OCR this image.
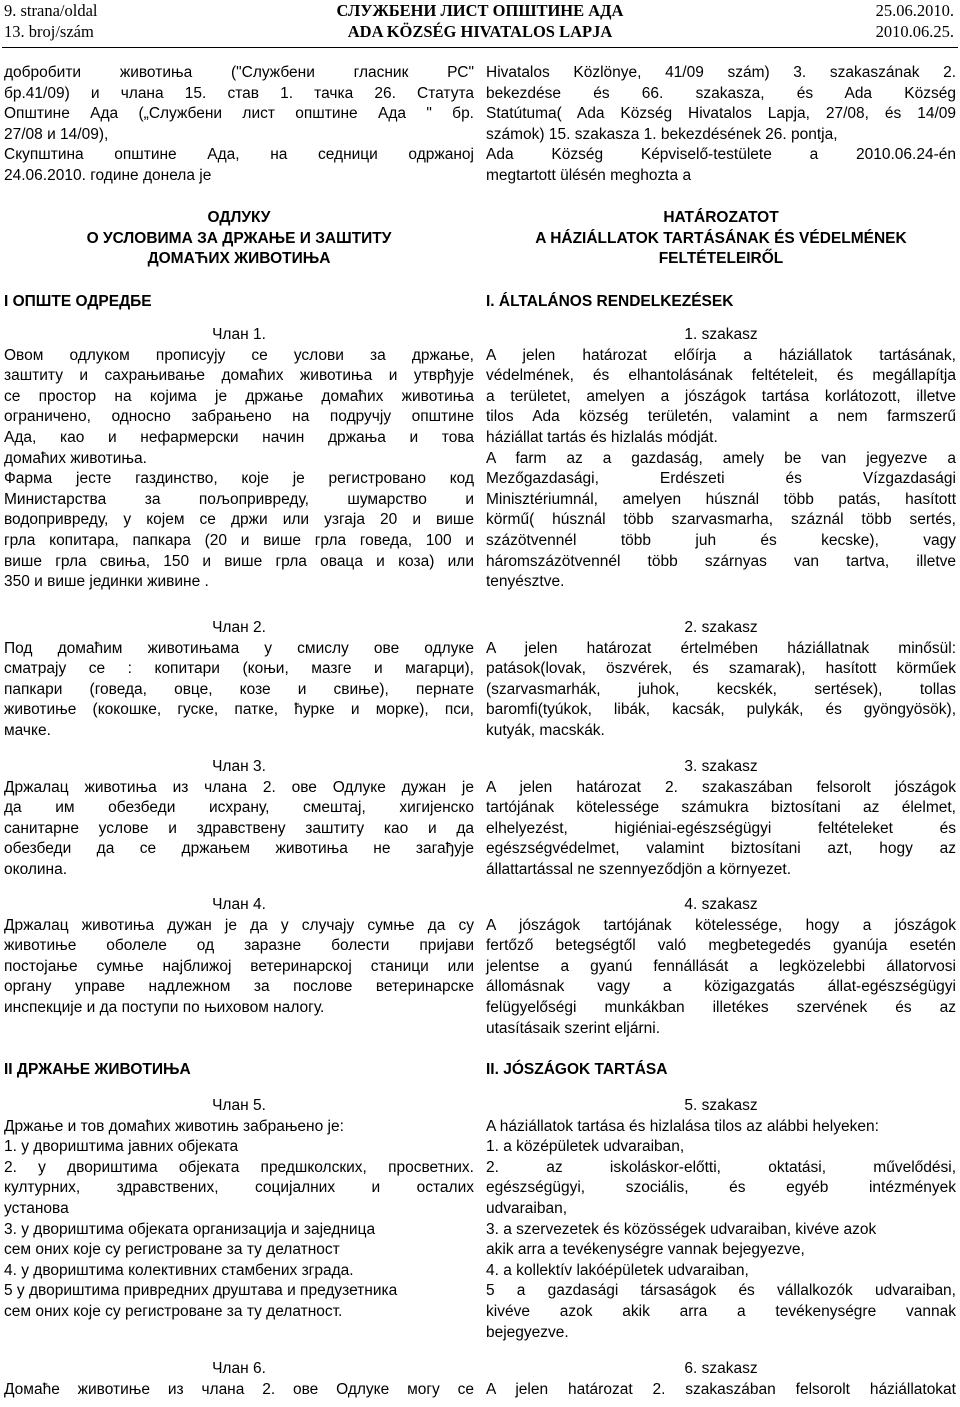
9. strana/oldal
13. broj/szám
СЛУЖБЕНИ ЛИСТ ОПШТИНЕ АДА
ADA KÖZSÉG HIVATALOS LAPJA
25.06.2010.
2010.06.25.
добробити животиња ("Службени гласник РС"
бр.41/09) и члана 15. став 1. тачка 26. Статута
Општине Ада („Службени лист општине Ада " бр.
27/08 и 14/09),
Скупштина општине Ада, на седници одржаној
24.06.2010. године донела је
ОДЛУКУ
О УСЛОВИМА ЗА ДРЖАЊЕ И ЗАШТИТУ
ДОМАЋИХ ЖИВОТИЊА
I ОПШТЕ ОДРЕДБЕ
Члан 1.
Овом одлуком прописују се услови за држање,
заштиту и сахрањивање домаћих животиња и утврђује
се простор на којима је држање домаћих животиња
ограничено, односно забрањено на подручју општине
Ада, као и нефармерски начин држања и това
домаћих животиња.
Фарма јесте газдинство, које је регистровано код
Министарства за пољопривреду, шумарство и
водопривреду, у којем се држи или узгаја 20 и више
грла копитара, папкара (20 и више грла говеда, 100 и
више грла свиња, 150 и више грла оваца и коза) или
350 и више јединки живине .
Члан 2.
Под домаћим животињама у смислу ове одлуке
сматрају се : копитари (коњи, мазге и магарци),
папкари (говеда, овце, козе и свиње), пернате
животиње (кокошке, гуске, патке, ћурке и морке), пси,
мачке.
Члан 3.
Држалац животиња из члана 2. ове Одлуке дужан је
да им обезбеди исхрану, смештај, хигијенско
санитарне услове и здравствену заштиту као и да
обезбеди да се држањем животиња не загађује
околина.
Члан 4.
Држалац животиња дужан је да у случају сумње да су
животиње оболеле од заразне болести пријави
постојање сумње најближој ветеринарској станици или
органу управе надлежном за послове ветеринарске
инспекције и да поступи по њиховом налогу.
II ДРЖАЊЕ ЖИВОТИЊА
Члан 5.
Држање и тов домаћих животињ забрањено је:
1. у двориштима јавних објеката
2. у двориштима објеката предшколских, просветних.
културних, здравствених, социјалних и осталих
установа
3. у двориштима објеката организација и заједница
сем оних које су регистроване за ту делатност
4. у двориштима колективних стамбених зграда.
5 у двориштима привредних друштава и предузетника
сем оних које су регистроване за ту делатност.
Члан 6.
Домаће животиње из члана 2. ове Одлуке могу се
Hivatalos Közlönye, 41/09 szám) 3. szakaszának 2.
bekezdése és 66. szakasza, és Ada Község
Statútuma( Ada Község Hivatalos Lapja, 27/08, és 14/09
számok) 15. szakasza 1. bekezdésének 26. pontja,
Ada Község Képviselő-testülete a 2010.06.24-én
megtartott ülésén meghozta a
HATÁROZATOT
A HÁZIÁLLATOK TARTÁSÁNAK ÉS VÉDELMÉNEK
FELTÉTELEIRŐL
I. ÁLTALÁNOS RENDELKEZÉSEK
1. szakasz
A jelen határozat előírja a háziállatok tartásának,
védelmének, és elhantolásának feltételeit, és megállapítja
a területet, amelyen a jószágok tartása korlátozott, illetve
tilos Ada község területén, valamint a nem farmszerű
háziállat tartás és hizlalás módját.
A farm az a gazdaság, amely be van jegyezve a
Mezőgazdasági, Erdészeti és Vízgazdasági
Minisztériumnál, amelyen húsznál több patás, hasított
körmű( húsznál több szarvasmarha, száznál több sertés,
százötvennél több juh és kecske), vagy
háromszázötvennél több szárnyas van tartva, illetve
tenyésztve.
2. szakasz
A jelen határozat értelmében háziállatnak minősül:
patások(lovak, öszvérek, és szamarak), hasított körműek
(szarvasmarhák, juhok, kecskék, sertések), tollas
baromfi(tyúkok, libák, kacsák, pulykák, és gyöngyösök),
kutyák, macskák.
3. szakasz
A jelen határozat 2. szakaszában felsorolt jószágok
tartójának kötelessége számukra biztosítani az élelmet,
elhelyezést, higiéniai-egészségügyi feltételeket és
egészségvédelmet, valamint biztosítani azt, hogy az
állattartással ne szennyeződjön a környezet.
4. szakasz
A jószágok tartójának kötelessége, hogy a jószágok
fertőző betegségtől való megbetegedés gyanúja esetén
jelentse a gyanú fennállását a legközelebbi állatorvosi
állomásnak vagy a közigazgatás állat-egészségügyi
felügyelőségi munkákban illetékes szervének és az
utasításaik szerint eljárni.
II. JÓSZÁGOK TARTÁSA
5. szakasz
A háziállatok tartása és hizlalása tilos az alábbi helyeken:
1. a középületek udvaraiban,
2. az iskoláskor-előtti, oktatási, művelődési,
egészségügyi, szociális, és egyéb intézmények
udvaraiban,
3. a szervezetek és közösségek udvaraiban, kivéve azok
akik arra a tevékenységre vannak bejegyezve,
4. a kollektív lakóépületek udvaraiban,
5 a gazdasági társaságok és vállalkozók udvaraiban,
kivéve azok akik arra a tevékenységre vannak
bejegyezve.
6. szakasz
A jelen határozat 2. szakaszában felsorolt háziállatokat
